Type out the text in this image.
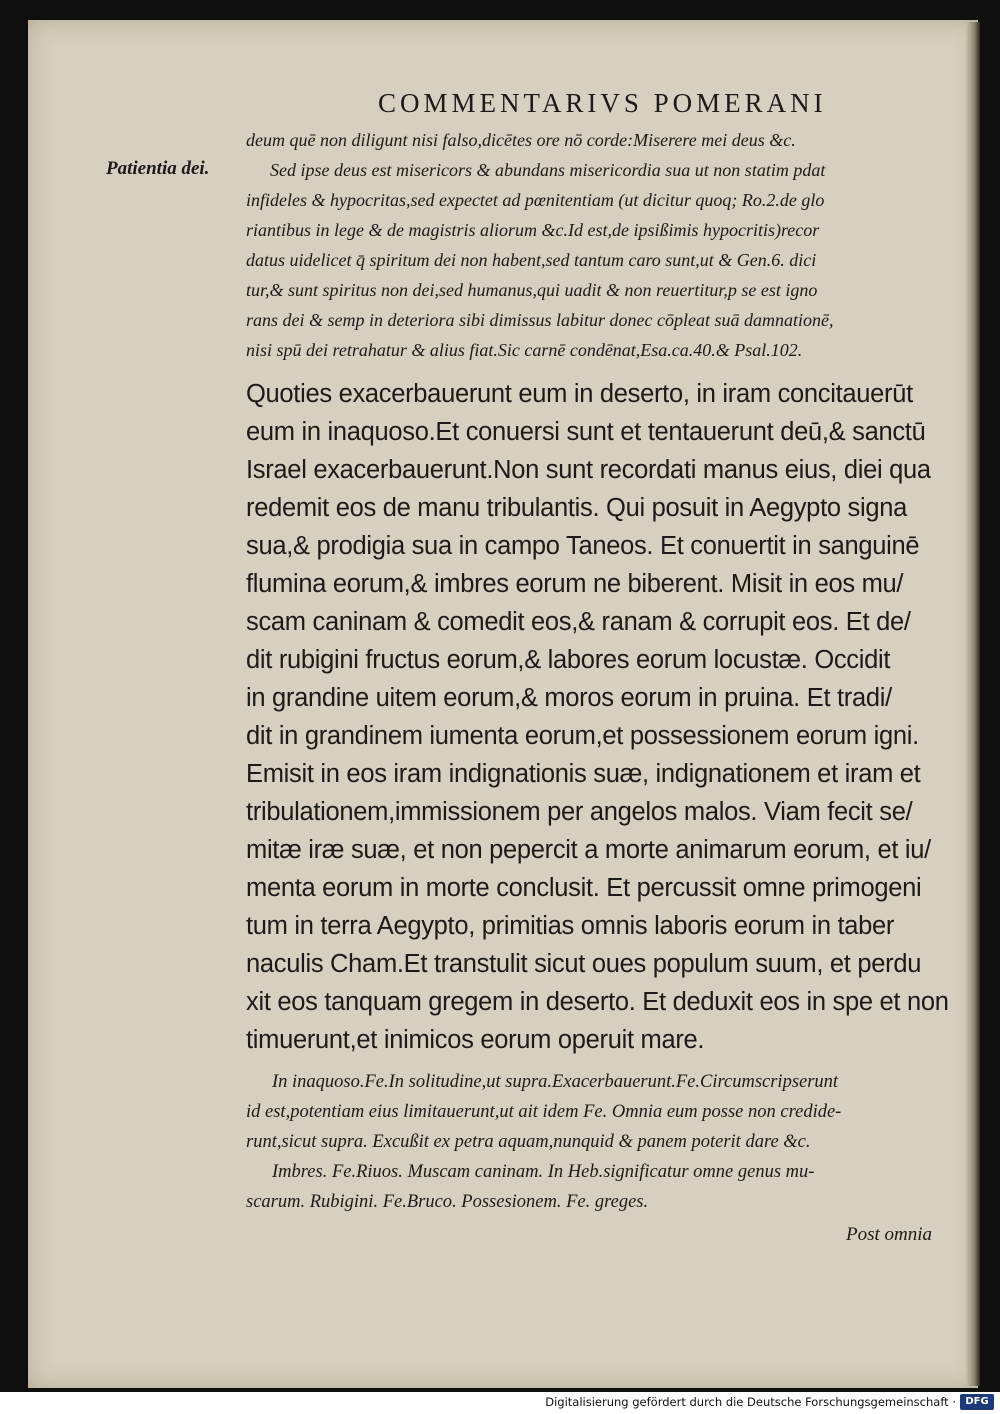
COMMENTARIVS POMERANI
Patientia dei.
deum quē non diligunt nisi falso,dicētes ore nō corde:Miserere mei deus &c.
Sed ipse deus est misericors & abundans misericordia sua ut non statim pdat
infideles & hypocritas,sed expectet ad pœnitentiam (ut dicitur quoq; Ro.2.de glo
riantibus in lege & de magistris aliorum &c.Id est,de ipsißimis hypocritis)recor
datus uidelicet q̄ spiritum dei non habent,sed tantum caro sunt,ut & Gen.6. dici
tur,& sunt spiritus non dei,sed humanus,qui uadit & non reuertitur,p se est igno
rans dei & semp in deteriora sibi dimissus labitur donec cōpleat suā damnationē,
nisi spū dei retrahatur & alius fiat.Sic carnē condēnat,Esa.ca.40.& Psal.102.
Quoties exacerbauerunt eum in deserto, in iram concitauerūt
eum in inaquoso.Et conuersi sunt et tentauerunt deū,& sanctū
Israel exacerbauerunt.Non sunt recordati manus eius, diei qua
redemit eos de manu tribulantis. Qui posuit in Aegypto signa
sua,& prodigia sua in campo Taneos. Et conuertit in sanguinē
flumina eorum,& imbres eorum ne biberent. Misit in eos mu/
scam caninam & comedit eos,& ranam & corrupit eos. Et de/
dit rubigini fructus eorum,& labores eorum locustæ. Occidit
in grandine uitem eorum,& moros eorum in pruina. Et tradi/
dit in grandinem iumenta eorum,et possessionem eorum igni.
Emisit in eos iram indignationis suæ, indignationem et iram et
tribulationem,immissionem per angelos malos. Viam fecit se/
mitæ iræ suæ, et non pepercit a morte animarum eorum, et iu/
menta eorum in morte conclusit. Et percussit omne primogeni
tum in terra Aegypto, primitias omnis laboris eorum in taber
naculis Cham.Et transtulit sicut oues populum suum, et perdu
xit eos tanquam gregem in deserto. Et deduxit eos in spe et non
timuerunt,et inimicos eorum operuit mare.
In inaquoso.Fe.In solitudine,ut supra.Exacerbauerunt.Fe.Circumscripserunt
id est,potentiam eius limitauerunt,ut ait idem Fe. Omnia eum posse non credide-
runt,sicut supra. Excußit ex petra aquam,nunquid & panem poterit dare &c.
Imbres. Fe.Riuos. Muscam caninam. In Heb.significatur omne genus mu-
scarum. Rubigini. Fe.Bruco. Possesionem. Fe. greges.
Post omnia
Digitalisierung gefördert durch die Deutsche Forschungsgemeinschaft · DFG
